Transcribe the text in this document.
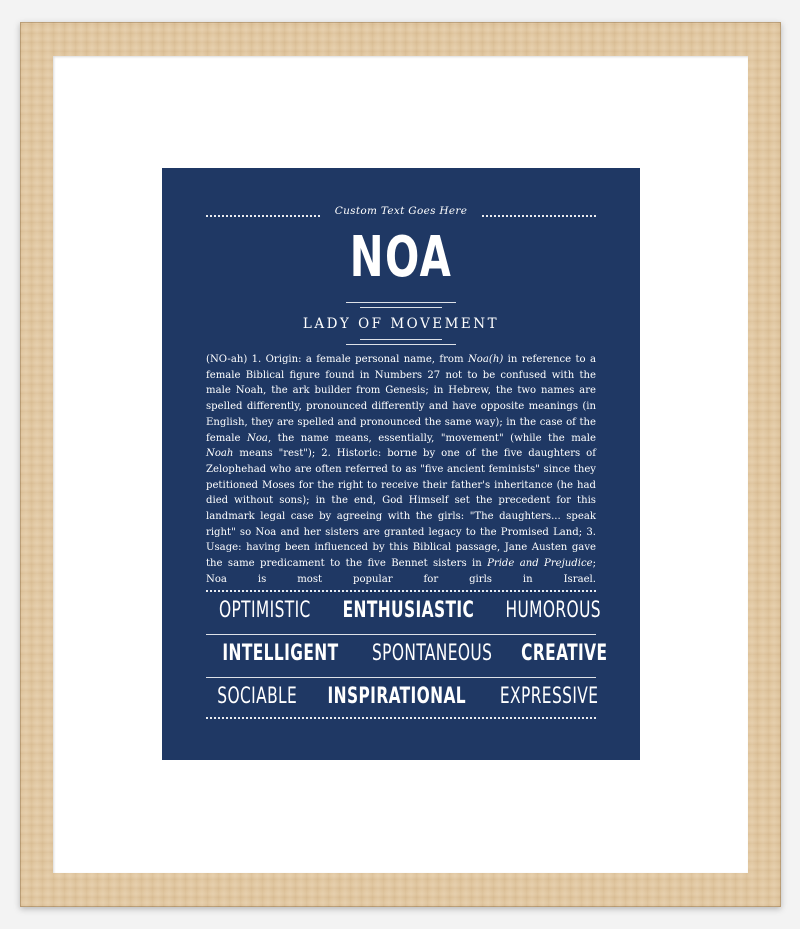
Custom Text Goes Here
NOA
LADY OF MOVEMENT
(NO-ah) 1. Origin: a female personal name, from Noa(h) in reference to a female Biblical figure found in Numbers 27 not to be confused with the male Noah, the ark builder from Genesis; in Hebrew, the two names are spelled differently, pronounced differently and have opposite meanings (in English, they are spelled and pronounced the same way); in the case of the female Noa, the name means, essentially, "movement" (while the male Noah means "rest"); 2. Historic: borne by one of the five daughters of Zelophehad who are often referred to as "five ancient feminists" since they petitioned Moses for the right to receive their father's inheritance (he had died without sons); in the end, God Himself set the precedent for this landmark legal case by agreeing with the girls: "The daughters... speak right" so Noa and her sisters are granted legacy to the Promised Land; 3. Usage: having been influenced by this Biblical passage, Jane Austen gave the same predicament to the five Bennet sisters in Pride and Prejudice; Noa is most popular for girls in Israel.
OPTIMISTIC ENTHUSIASTIC HUMOROUS
INTELLIGENT SPONTANEOUS CREATIVE
SOCIABLE INSPIRATIONAL EXPRESSIVE
